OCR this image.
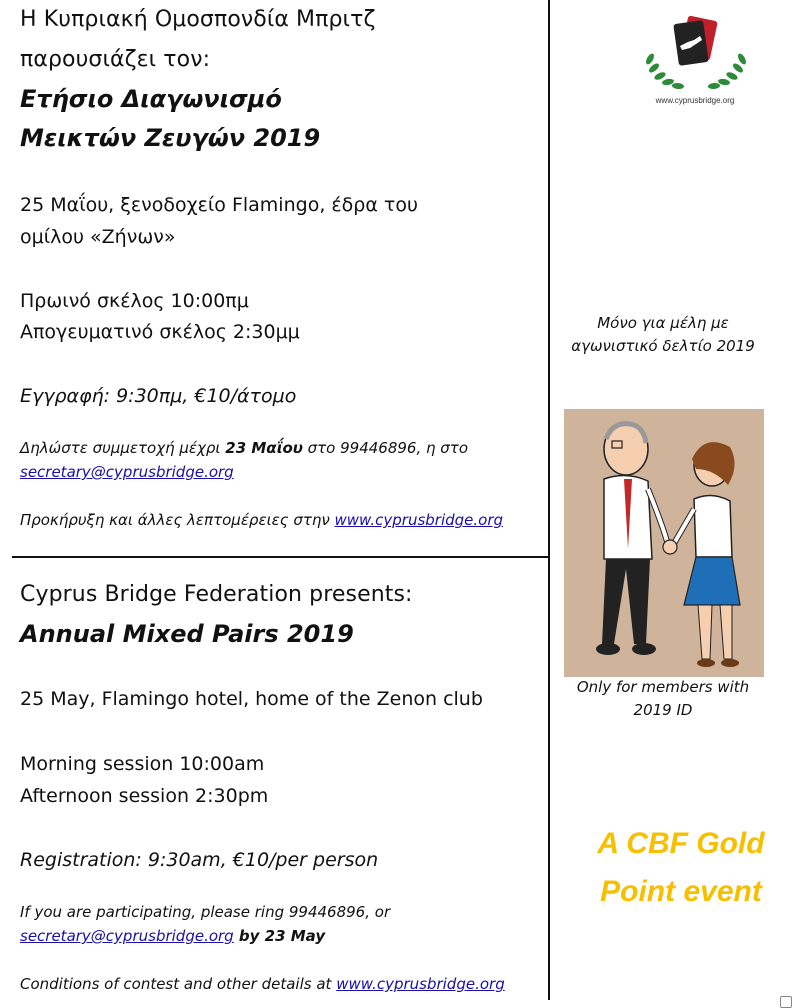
Η Κυπριακή Ομοσπονδία Μπριτζ
παρουσιάζει τον:
Ετήσιο Διαγωνισμό
Μεικτών Ζευγών 2019
25 Μαΐου, ξενοδοχείο Flamingo, έδρα του
ομίλου «Ζήνων»
Πρωινό σκέλος 10:00πμ
Απογευματινό σκέλος 2:30μμ
Εγγραφή: 9:30πμ, €10/άτομο
Δηλώστε συμμετοχή μέχρι 23 Μαΐου στο 99446896, η στο
secretary@cyprusbridge.org
Προκήρυξη και άλλες λεπτομέρειες στην www.cyprusbridge.org
Cyprus Bridge Federation presents:
Annual Mixed Pairs 2019
25 May, Flamingo hotel, home of the Zenon club
Morning session 10:00am
Afternoon session 2:30pm
Registration: 9:30am, €10/per person
If you are participating, please ring 99446896, or
secretary@cyprusbridge.org by 23 May
Conditions of contest and other details at www.cyprusbridge.org
www.cyprusbridge.org
Μόνο για μέλη με
αγωνιστικό δελτίο 2019
Only for members with
2019 ID
A CBF Gold
Point event
